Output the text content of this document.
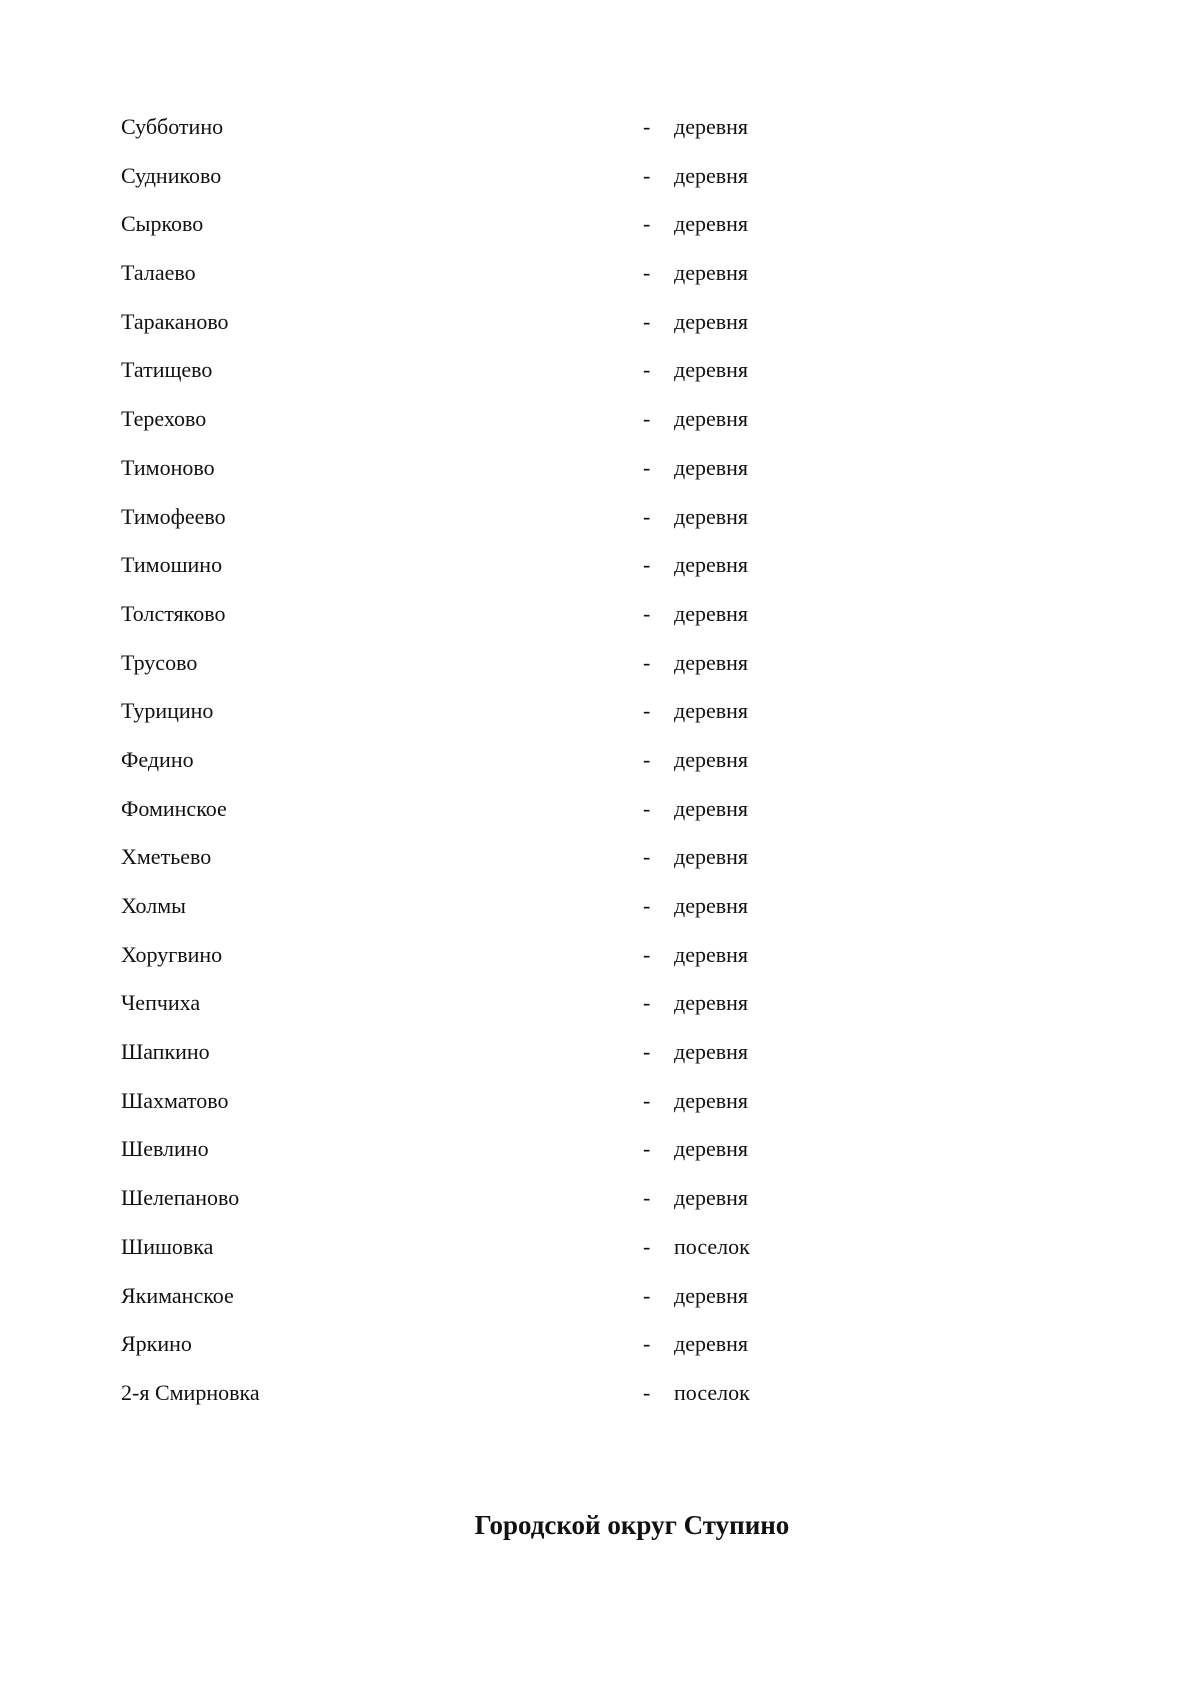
Субботино	- деревня
Судниково	- деревня
Сырково	- деревня
Талаево	- деревня
Тараканово	- деревня
Татищево	- деревня
Терехово	- деревня
Тимоново	- деревня
Тимофеево	- деревня
Тимошино	- деревня
Толстяково	- деревня
Трусово	- деревня
Турицино	- деревня
Федино	- деревня
Фоминское	- деревня
Хметьево	- деревня
Холмы	- деревня
Хоругвино	- деревня
Чепчиха	- деревня
Шапкино	- деревня
Шахматово	- деревня
Шевлино	- деревня
Шелепаново	- деревня
Шишовка	- поселок
Якиманское	- деревня
Яркино	- деревня
2-я Смирновка	- поселок
Городской округ Ступино
